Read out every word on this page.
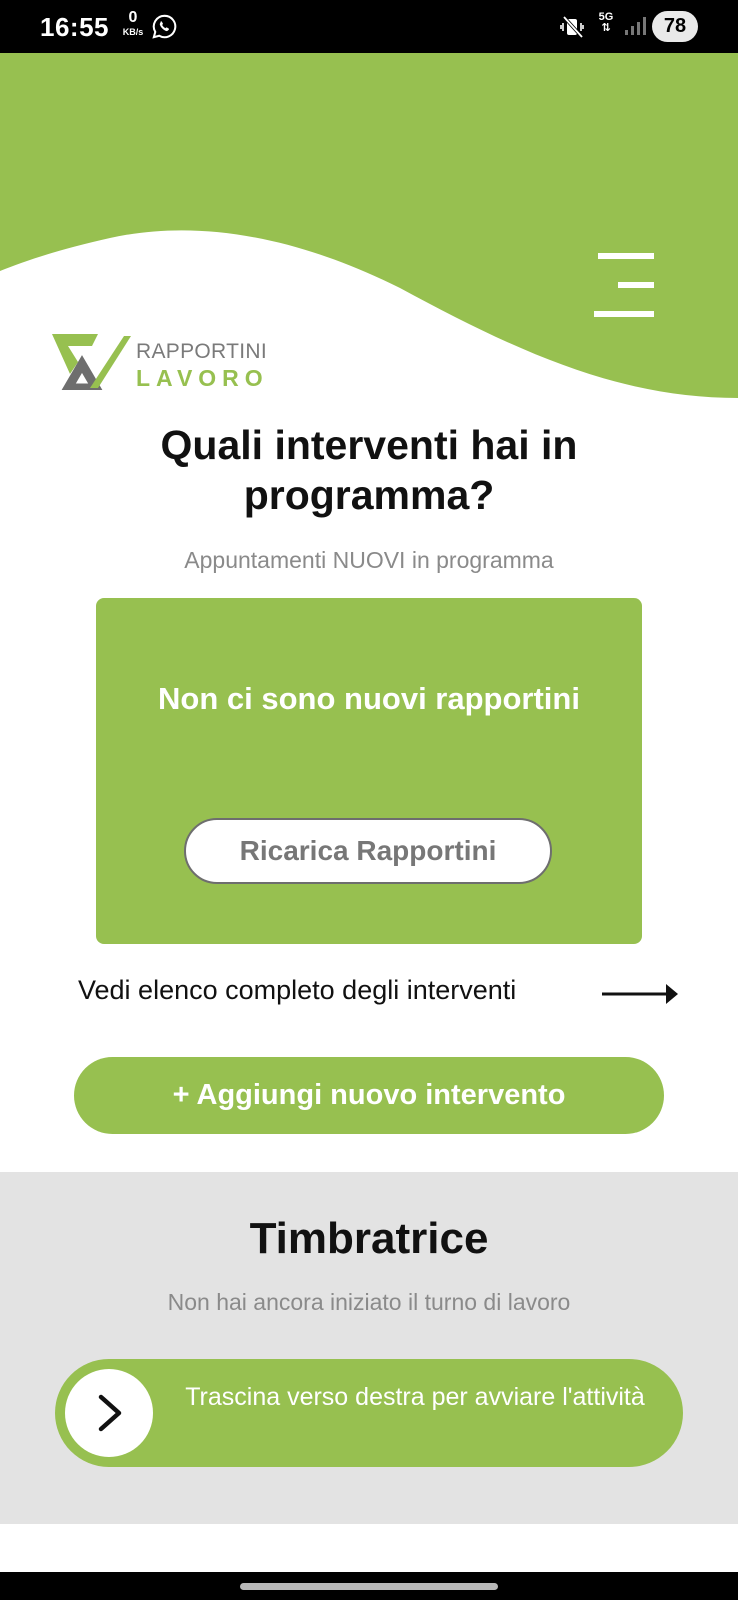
16:55	0
KB/s
5G
⇅	78
RAPPORTINI
LAVORO
Quali interventi hai in programma?

Appuntamenti NUOVI in programma

Non ci sono nuovi rapportini
Ricarica Rapportini
Vedi elenco completo degli interventi
+ Aggiungi nuovo intervento
Timbratrice

Non hai ancora iniziato il turno di lavoro

Trascina verso destra per avviare l'attività
